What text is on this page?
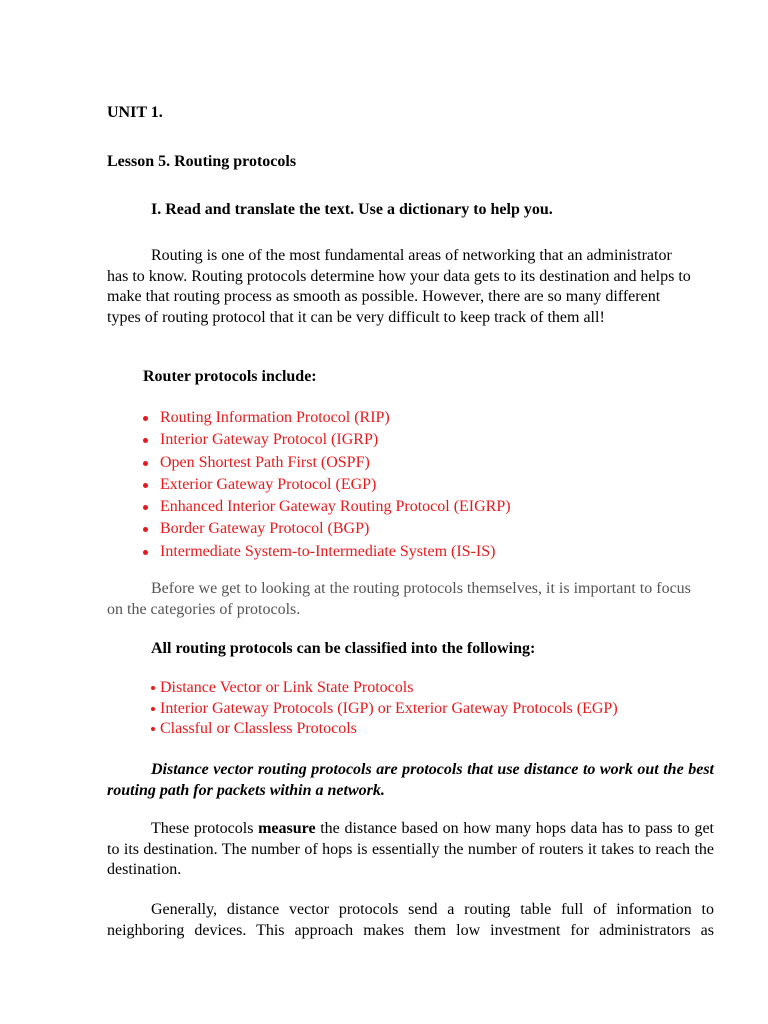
UNIT 1.

Lesson 5. Routing protocols

I. Read and translate the text. Use a dictionary to help you.

Routing is one of the most fundamental areas of networking that an administrator has to know. Routing protocols determine how your data gets to its destination and helps to make that routing process as smooth as possible. However, there are so many different types of routing protocol that it can be very difficult to keep track of them all!

Router protocols include:

Routing Information Protocol (RIP)
Interior Gateway Protocol (IGRP)
Open Shortest Path First (OSPF)
Exterior Gateway Protocol (EGP)
Enhanced Interior Gateway Routing Protocol (EIGRP)
Border Gateway Protocol (BGP)
Intermediate System-to-Intermediate System (IS-IS)

Before we get to looking at the routing protocols themselves, it is important to focus on the categories of protocols.

All routing protocols can be classified into the following:

Distance Vector or Link State Protocols
Interior Gateway Protocols (IGP) or Exterior Gateway Protocols (EGP)
Classful or Classless Protocols

Distance vector routing protocols are protocols that use distance to work out the best routing path for packets within a network.

These protocols measure the distance based on how many hops data has to pass to get to its destination. The number of hops is essentially the number of routers it takes to reach the destination.

Generally, distance vector protocols send a routing table full of information to neighboring devices. This approach makes them low investment for administrators as
